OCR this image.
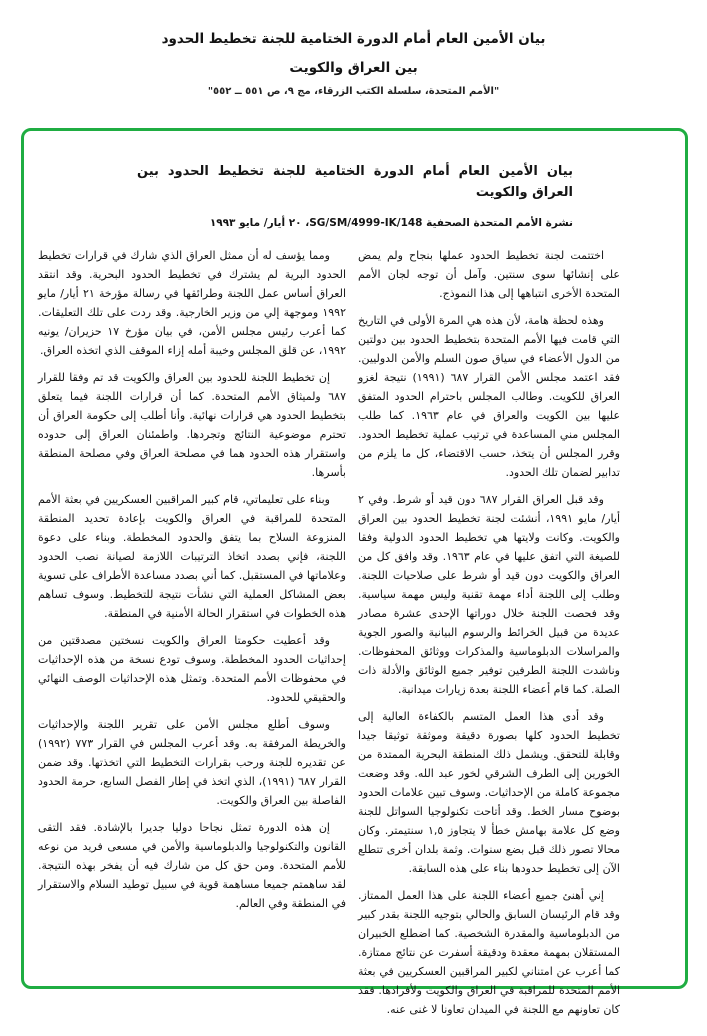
بيان الأمين العام أمام الدورة الختامية للجنة تخطيط الحدود
بين العراق والكويت
"الأمم المتحدة، سلسلة الكتب الزرقاء، مج ٩، ص ٥٥١ ــ ٥٥٢"
بيان الأمين العام أمام الدورة الختامية للجنة تخطيط الحدود بين العراق والكويت
نشرة الأمم المتحدة الصحفية SG/SM/4999-IK/148، ٢٠ أيار/ مايو ١٩٩٣

اختتمت لجنة تخطيط الحدود عملها بنجاح ولم يمض على إنشائها سوى سنتين. وآمل أن توجه لجان الأمم المتحدة الأخرى انتباهها إلى هذا النموذج.

وهذه لحظة هامة، لأن هذه هي المرة الأولى في التاريخ التي قامت فيها الأمم المتحدة بتخطيط الحدود بين دولتين من الدول الأعضاء في سياق صون السلم والأمن الدوليين. فقد اعتمد مجلس الأمن القرار ٦٨٧ (١٩٩١) نتيجة لغزو العراق للكويت. وطالب المجلس باحترام الحدود المتفق عليها بين الكويت والعراق في عام ١٩٦٣. كما طلب المجلس مني المساعدة في ترتيب عملية تخطيط الحدود. وقرر المجلس أن يتخذ، حسب الاقتضاء، كل ما يلزم من تدابير لضمان تلك الحدود.

وقد قبل العراق القرار ٦٨٧ دون قيد أو شرط. وفي ٢ أيار/ مايو ١٩٩١، أنشئت لجنة تخطيط الحدود بين العراق والكويت. وكانت ولايتها هي تخطيط الحدود الدولية وفقا للصيغة التي اتفق عليها في عام ١٩٦٣. وقد وافق كل من العراق والكويت دون قيد أو شرط على صلاحيات اللجنة. وطلب إلى اللجنة أداء مهمة تقنية وليس مهمة سياسية. وقد فحصت اللجنة خلال دوراتها الإحدى عشرة مصادر عديدة من قبيل الخرائط والرسوم البيانية والصور الجوية والمراسلات الدبلوماسية والمذكرات ووثائق المحفوظات. وناشدت اللجنة الطرفين توفير جميع الوثائق والأدلة ذات الصلة. كما قام أعضاء اللجنة بعدة زيارات ميدانية.

وقد أدى هذا العمل المتسم بالكفاءة العالية إلى تخطيط الحدود كلها بصورة دقيقة وموثقة توثيقا جيدا وقابلة للتحقق. ويشمل ذلك المنطقة البحرية الممتدة من الخورين إلى الطرف الشرقي لخور عبد الله. وقد وضعت مجموعة كاملة من الإحداثيات. وسوف تبين علامات الحدود بوضوح مسار الخط. وقد أتاحت تكنولوجيا السواتل للجنة وضع كل علامة بهامش خطأ لا يتجاوز ١,٥ سنتيمتر. وكان محالا تصور ذلك قبل بضع سنوات. وثمة بلدان أخرى تتطلع الآن إلى تخطيط حدودها بناء على هذه السابقة.

إني أهنئ جميع أعضاء اللجنة على هذا العمل الممتاز. وقد قام الرئيسان السابق والحالي بتوجيه اللجنة بقدر كبير من الدبلوماسية والمقدرة الشخصية. كما اضطلع الخبيران المستقلان بمهمة معقدة ودقيقة أسفرت عن نتائج ممتازة. كما أعرب عن امتناني لكبير المراقبين العسكريين في بعثة الأمم المتحدة للمراقبة في العراق والكويت ولأفرادها. فقد كان تعاونهم مع اللجنة في الميدان تعاونا لا غنى عنه.

ومما يؤسف له أن ممثل العراق الذي شارك في قرارات تخطيط الحدود البرية لم يشترك في تخطيط الحدود البحرية. وقد انتقد العراق أساس عمل اللجنة وطرائقها في رسالة مؤرخة ٢١ أيار/ مايو ١٩٩٢ وموجهة إلي من وزير الخارجية. وقد ردت على تلك التعليقات. كما أعرب رئيس مجلس الأمن، في بيان مؤرخ ١٧ حزيران/ يونيه ١٩٩٢، عن قلق المجلس وخيبة أمله إزاء الموقف الذي اتخذه العراق.

إن تخطيط اللجنة للحدود بين العراق والكويت قد تم وفقا للقرار ٦٨٧ ولميثاق الأمم المتحدة. كما أن قرارات اللجنة فيما يتعلق بتخطيط الحدود هي قرارات نهائية. وأنا أطلب إلى حكومة العراق أن تحترم موضوعية النتائج وتجردها. واطمئنان العراق إلى حدوده واستقرار هذه الحدود هما في مصلحة العراق وفي مصلحة المنطقة بأسرها.

وبناء على تعليماتي، قام كبير المراقبين العسكريين في بعثة الأمم المتحدة للمراقبة في العراق والكويت بإعادة تحديد المنطقة المنزوعة السلاح بما يتفق والحدود المخططة. وبناء على دعوة اللجنة، فإني بصدد اتخاذ الترتيبات اللازمة لصيانة نصب الحدود وعلاماتها في المستقبل. كما أني بصدد مساعدة الأطراف على تسوية بعض المشاكل العملية التي نشأت نتيجة للتخطيط. وسوف تساهم هذه الخطوات في استقرار الحالة الأمنية في المنطقة.

وقد أعطيت حكومتا العراق والكويت نسختين مصدقتين من إحداثيات الحدود المخططة. وسوف تودع نسخة من هذه الإحداثيات في محفوظات الأمم المتحدة. وتمثل هذه الإحداثيات الوصف النهائي والحقيقي للحدود.

وسوف أطلع مجلس الأمن على تقرير اللجنة والإحداثيات والخريطة المرفقة به. وقد أعرب المجلس في القرار ٧٧٣ (١٩٩٢) عن تقديره للجنة ورحب بقرارات التخطيط التي اتخذتها. وقد ضمن القرار ٦٨٧ (١٩٩١)، الذي اتخذ في إطار الفصل السابع، حرمة الحدود الفاصلة بين العراق والكويت.

إن هذه الدورة تمثل نجاحا دوليا جديرا بالإشادة. فقد التقى القانون والتكنولوجيا والدبلوماسية والأمن في مسعى فريد من نوعه للأمم المتحدة. ومن حق كل من شارك فيه أن يفخر بهذه النتيجة. لقد ساهمتم جميعا مساهمة قوية في سبيل توطيد السلام والاستقرار في المنطقة وفي العالم.
